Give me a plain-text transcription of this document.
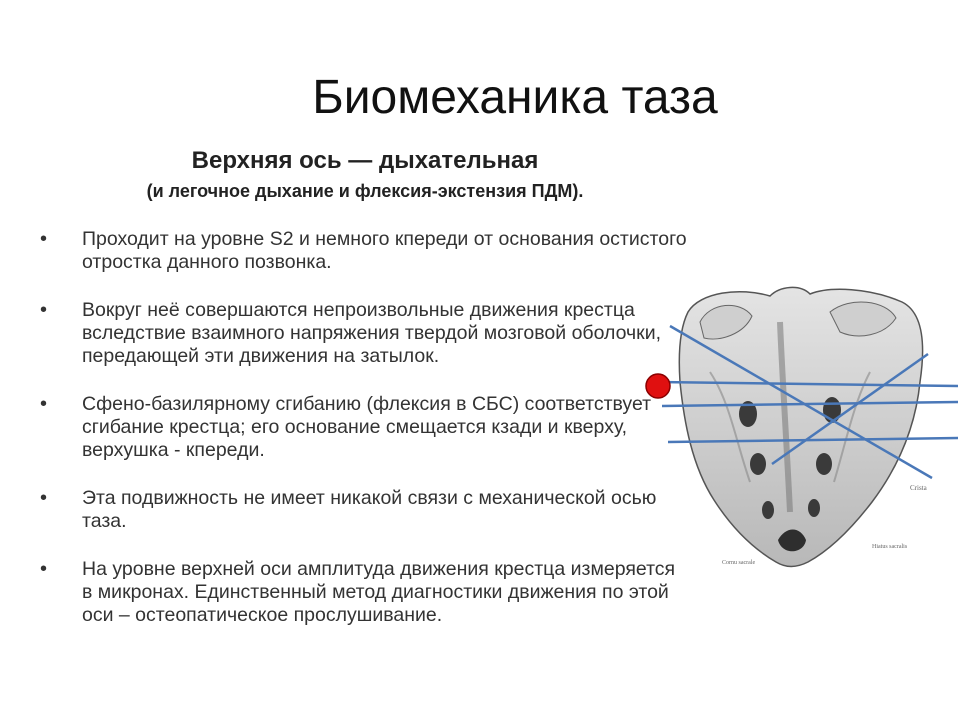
Биомеханика таза
Верхняя ось — дыхательная
(и легочное дыхание и флексия-экстензия ПДМ).
• Проходит на уровне S2 и немного кпереди от основания остистого отростка данного позвонка.
• Вокруг неё совершаются непроизвольные движения крестца вследствие взаимного напряжения твердой мозговой оболочки, передающей эти движения на затылок.
• Сфено-базилярному сгибанию (флексия в СБС) соответствует сгибание крестца; его основание смещается кзади и кверху, верхушка - кпереди.
• Эта подвижность не имеет никакой связи с механической осью таза.
• На уровне верхней оси амплитуда движения крестца измеряется в микронах. Единственный метод диагностики движения по этой оси – остеопатическое прослушивание.
Crista
Cornu sacrale
Hiatus sacralis
